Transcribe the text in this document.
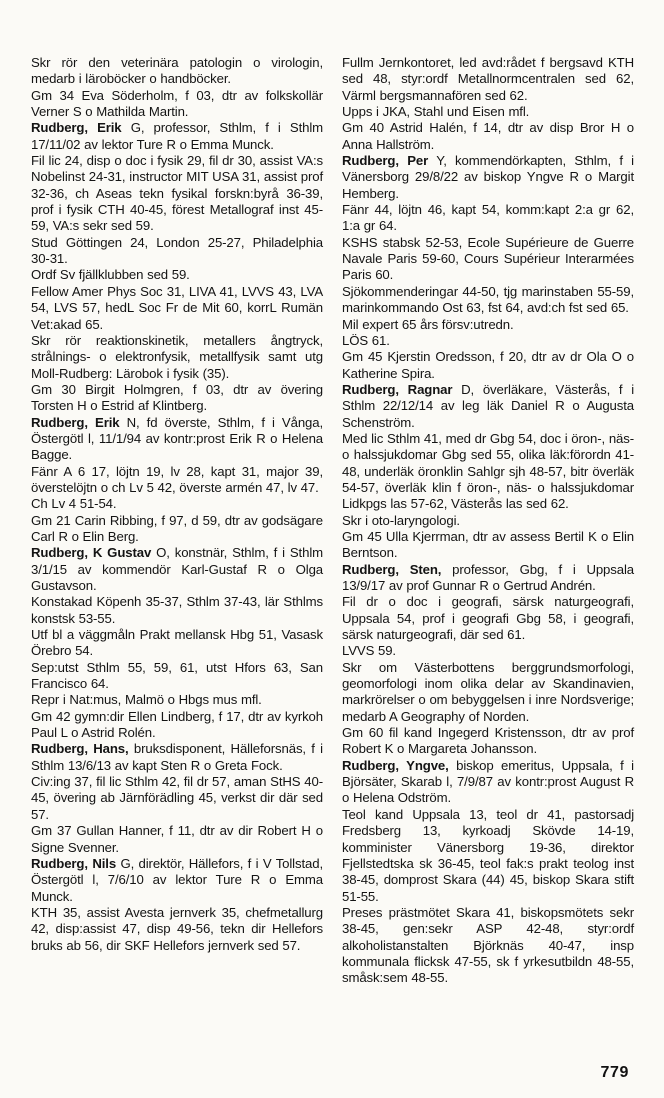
Skr rör den veterinära patologin o virologin, medarb i läroböcker o handböcker.

Gm 34 Eva Söderholm, f 03, dtr av folkskollär Verner S o Mathilda Martin.

Rudberg, Erik G, professor, Sthlm, f i Sthlm 17/11/02 av lektor Ture R o Emma Munck.

Fil lic 24, disp o doc i fysik 29, fil dr 30, assist VA:s Nobelinst 24-31, instructor MIT USA 31, assist prof 32-36, ch Aseas tekn fysikal forskn:byrå 36-39, prof i fysik CTH 40-45, förest Metallograf inst 45-59, VA:s sekr sed 59.

Stud Göttingen 24, London 25-27, Philadelphia 30-31.

Ordf Sv fjällklubben sed 59.

Fellow Amer Phys Soc 31, LIVA 41, LVVS 43, LVA 54, LVS 57, hedL Soc Fr de Mit 60, korrL Rumän Vet:akad 65.

Skr rör reaktionskinetik, metallers ångtryck, strålnings- o elektronfysik, metallfysik samt utg Moll-Rudberg: Lärobok i fysik (35).

Gm 30 Birgit Holmgren, f 03, dtr av övering Torsten H o Estrid af Klintberg.

Rudberg, Erik N, fd överste, Sthlm, f i Vånga, Östergötl l, 11/1/94 av kontr:prost Erik R o Helena Bagge.

Fänr A 6 17, löjtn 19, lv 28, kapt 31, major 39, överstelöjtn o ch Lv 5 42, överste armén 47, lv 47.

Ch Lv 4 51-54.

Gm 21 Carin Ribbing, f 97, d 59, dtr av godsägare Carl R o Elin Berg.

Rudberg, K Gustav O, konstnär, Sthlm, f i Sthlm 3/1/15 av kommendör Karl-Gustaf R o Olga Gustavson.

Konstakad Köpenh 35-37, Sthlm 37-43, lär Sthlms konstsk 53-55.

Utf bl a väggmåln Prakt mellansk Hbg 51, Vasask Örebro 54.

Sep:utst Sthlm 55, 59, 61, utst Hfors 63, San Francisco 64.

Repr i Nat:mus, Malmö o Hbgs mus mfl.

Gm 42 gymn:dir Ellen Lindberg, f 17, dtr av kyrkoh Paul L o Astrid Rolén.

Rudberg, Hans, bruksdisponent, Hälleforsnäs, f i Sthlm 13/6/13 av kapt Sten R o Greta Fock.

Civ:ing 37, fil lic Sthlm 42, fil dr 57, aman StHS 40-45, övering ab Järnförädling 45, verkst dir där sed 57.

Gm 37 Gullan Hanner, f 11, dtr av dir Robert H o Signe Svenner.

Rudberg, Nils G, direktör, Hällefors, f i V Tollstad, Östergötl l, 7/6/10 av lektor Ture R o Emma Munck.

KTH 35, assist Avesta jernverk 35, chefmetallurg 42, disp:assist 47, disp 49-56, tekn dir Hellefors bruks ab 56, dir SKF Hellefors jernverk sed 57.

Fullm Jernkontoret, led avd:rådet f bergsavd KTH sed 48, styr:ordf Metallnormcentralen sed 62, Värml bergsmannafören sed 62.

Upps i JKA, Stahl und Eisen mfl.

Gm 40 Astrid Halén, f 14, dtr av disp Bror H o Anna Hallström.

Rudberg, Per Y, kommendörkapten, Sthlm, f i Vänersborg 29/8/22 av biskop Yngve R o Margit Hemberg.

Fänr 44, löjtn 46, kapt 54, komm:kapt 2:a gr 62, 1:a gr 64.

KSHS stabsk 52-53, Ecole Supérieure de Guerre Navale Paris 59-60, Cours Supérieur Interarmées Paris 60.

Sjökommenderingar 44-50, tjg marinstaben 55-59, marinkommando Ost 63, fst 64, avd:ch fst sed 65.

Mil expert 65 års försv:utredn.

LÖS 61.

Gm 45 Kjerstin Oredsson, f 20, dtr av dr Ola O o Katherine Spira.

Rudberg, Ragnar D, överläkare, Västerås, f i Sthlm 22/12/14 av leg läk Daniel R o Augusta Schenström.

Med lic Sthlm 41, med dr Gbg 54, doc i öron-, näs- o halssjukdomar Gbg sed 55, olika läk:förordn 41-48, underläk öronklin Sahlgr sjh 48-57, bitr överläk 54-57, överläk klin f öron-, näs- o halssjukdomar Lidkpgs las 57-62, Västerås las sed 62.

Skr i oto-laryngologi.

Gm 45 Ulla Kjerrman, dtr av assess Bertil K o Elin Berntson.

Rudberg, Sten, professor, Gbg, f i Uppsala 13/9/17 av prof Gunnar R o Gertrud Andrén.

Fil dr o doc i geografi, särsk naturgeografi, Uppsala 54, prof i geografi Gbg 58, i geografi, särsk naturgeografi, där sed 61.

LVVS 59.

Skr om Västerbottens berggrundsmorfologi, geomorfologi inom olika delar av Skandinavien, markrörelser o om bebyggelsen i inre Nordsverige; medarb A Geography of Norden.

Gm 60 fil kand Ingegerd Kristensson, dtr av prof Robert K o Margareta Johansson.

Rudberg, Yngve, biskop emeritus, Uppsala, f i Björsäter, Skarab l, 7/9/87 av kontr:prost August R o Helena Odström.

Teol kand Uppsala 13, teol dr 41, pastorsadj Fredsberg 13, kyrkoadj Skövde 14-19, komminister Vänersborg 19-36, direktor Fjellstedtska sk 36-45, teol fak:s prakt teolog inst 38-45, domprost Skara (44) 45, biskop Skara stift 51-55.

Preses prästmötet Skara 41, biskopsmötets sekr 38-45, gen:sekr ASP 42-48, styr:ordf alkoholistanstalten Björknäs 40-47, insp kommunala flicksk 47-55, sk f yrkesutbildn 48-55, småsk:sem 48-55.

779
